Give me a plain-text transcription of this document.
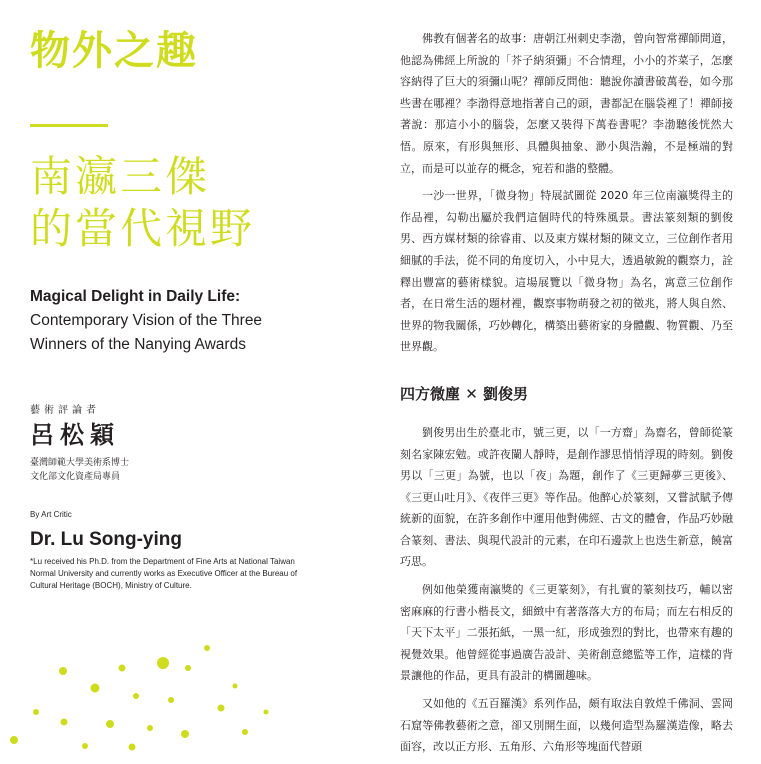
物外之趣
南瀛三傑
的當代視野
Magical Delight in Daily Life:
Contemporary Vision of the Three
Winners of the Nanying Awards
藝術評論者
呂松穎
臺灣師範大學美術系博士
文化部文化資產局專員
By Art Critic
Dr. Lu Song-ying
*Lu received his Ph.D. from the Department of Fine Arts at National Taiwan Normal University and currently works as Executive Officer at the Bureau of Cultural Heritage (BOCH), Ministry of Culture.

佛教有個著名的故事：唐朝江州刺史李渤，曾向智常禪師問道，他認為佛經上所說的「芥子納須彌」不合情理，小小的芥菜子，怎麼容納得了巨大的須彌山呢？禪師反問他：聽說你讀書破萬卷，如今那些書在哪裡？李渤得意地指著自己的頭，書都記在腦袋裡了！禪師接著說：那這小小的腦袋，怎麼又裝得下萬卷書呢？李渤聽後恍然大悟。原來，有形與無形、具體與抽象、渺小與浩瀚，不是極端的對立，而是可以並存的概念，宛若和諧的整體。

一沙一世界，「微身物」特展試圖從 2020 年三位南瀛獎得主的作品裡，勾勒出屬於我們這個時代的特殊風景。書法篆刻類的劉俊男、西方媒材類的徐睿甫、以及東方媒材類的陳文立，三位創作者用細膩的手法，從不同的角度切入，小中見大，透過敏銳的觀察力，詮釋出豐富的藝術樣貌。這場展覽以「微身物」為名，寓意三位創作者，在日常生活的題材裡，觀察事物萌發之初的徵兆，將人與自然、世界的物我關係，巧妙轉化，構築出藝術家的身體觀、物質觀、乃至世界觀。

四方微塵 ✕ 劉俊男

劉俊男出生於臺北市，號三更，以「一方齋」為齋名，曾師從篆刻名家陳宏勉。或許夜闌人靜時，是創作謬思悄悄浮現的時刻。劉俊男以「三更」為號，也以「夜」為題，創作了《三更歸夢三更後》、《三更山吐月》、《夜伴三更》等作品。他醉心於篆刻，又嘗試賦予傳統新的面貌，在許多創作中運用他對佛經、古文的體會，作品巧妙融合篆刻、書法、與現代設計的元素，在印石邊款上也迭生新意，饒富巧思。

例如他榮獲南瀛獎的《三更篆刻》，有扎實的篆刻技巧，輔以密密麻麻的行書小楷長文，細緻中有著落落大方的布局；而左右相反的「天下太平」二張拓紙，一黑一紅，形成強烈的對比，也帶來有趣的視覺效果。他曾經從事過廣告設計、美術創意總監等工作，這樣的背景讓他的作品，更具有設計的構圖趣味。

又如他的《五百羅漢》系列作品，頗有取法自敦煌千佛洞、雲岡石窟等佛教藝術之意，卻又別開生面，以幾何造型為羅漢造像，略去面容，改以正方形、五角形、六角形等塊面代替頭
